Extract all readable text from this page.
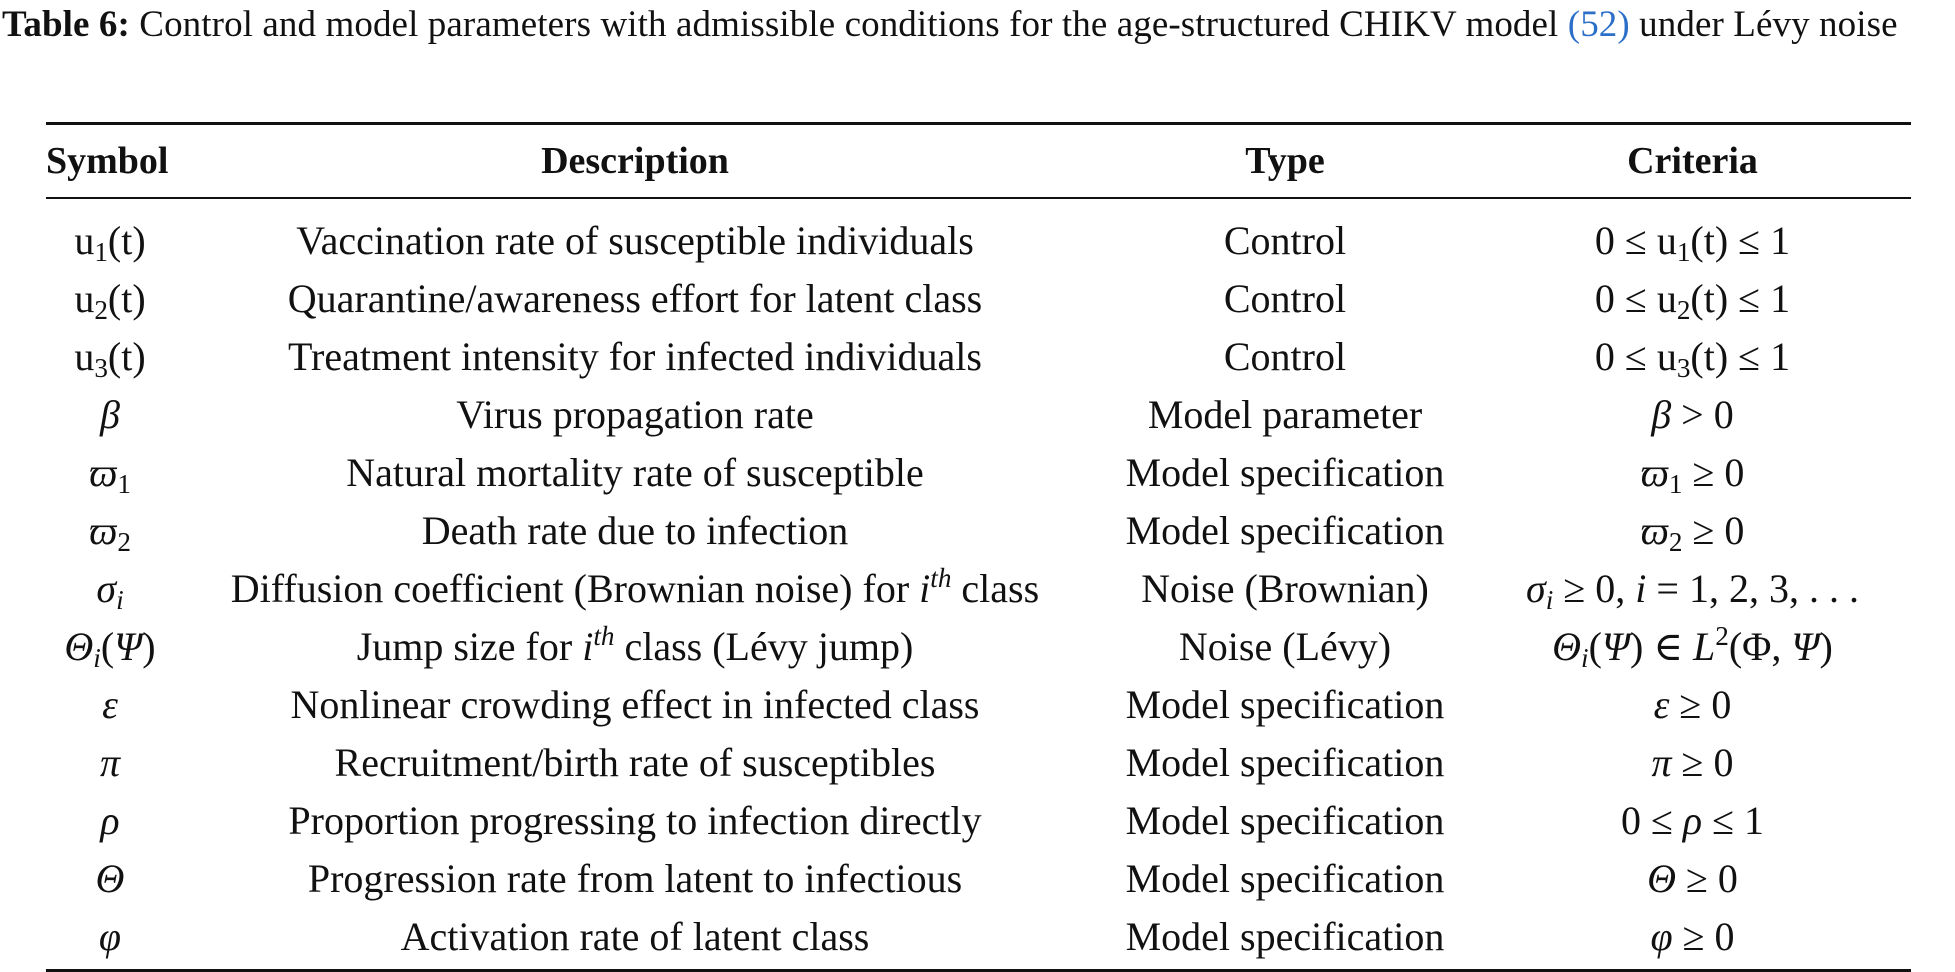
Table 6: Control and model parameters with admissible conditions for the age-structured CHIKV model (52) under Lévy noise
Symbol	Description	Type	Criteria
$u_1(t)$	Vaccination rate of susceptible individuals	Control	$0 \le u_1(t) \le 1$
$u_2(t)$	Quarantine/awareness effort for latent class	Control	$0 \le u_2(t) \le 1$
$u_3(t)$	Treatment intensity for infected individuals	Control	$0 \le u_3(t) \le 1$
β	Virus propagation rate	Model parameter	β > 0
$ϖ_1$	Natural mortality rate of susceptible	Model specification	$ϖ_1 \ge 0$
$ϖ_2$	Death rate due to infection	Model specification	$ϖ_2 \ge 0$
$\sigma_i$	Diffusion coefficient (Brownian noise) for $i^{th}$ class	Noise (Brownian)	$\sigma_i \ge 0$, i = 1, 2, 3, . . .
$\Theta_i(\Psi)$	Jump size for $i^{th}$ class (Lévy jump)	Noise (Lévy)	$\Theta_i(\Psi)$ ∈ $L^2(\Phi$, Ψ)
ε	Nonlinear crowding effect in infected class	Model specification	ε ≥ 0
π	Recruitment/birth rate of susceptibles	Model specification	π ≥ 0
ρ	Proportion progressing to infection directly	Model specification	0 ≤ ρ ≤ 1
Θ	Progression rate from latent to infectious	Model specification	Θ ≥ 0
φ	Activation rate of latent class	Model specification	φ ≥ 0
